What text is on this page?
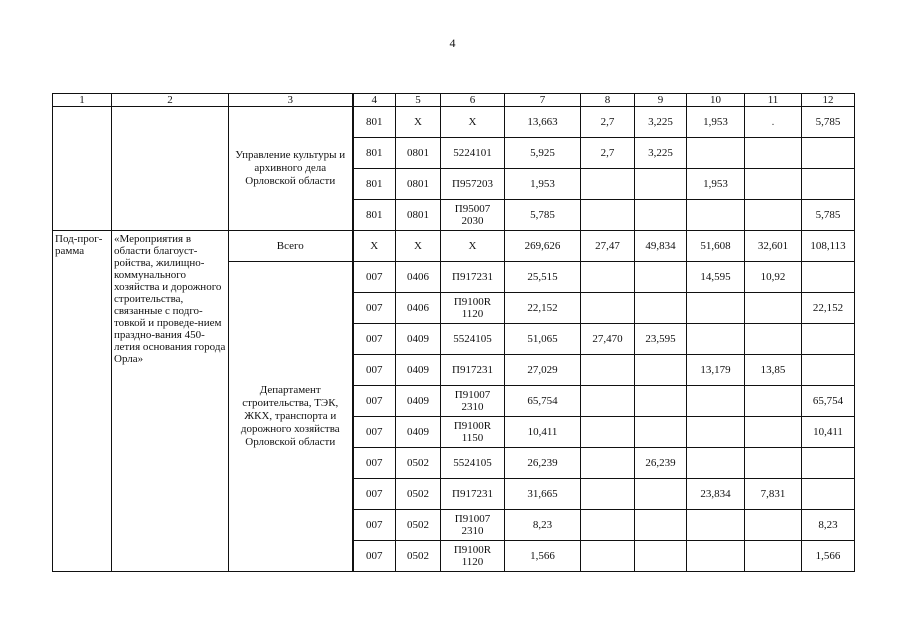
4
1	2	3	4	5	6	7	8	9	10	11	12
		Управление культуры и архивного дела Орловской области	801	X	X	13,663	2,7	3,225	1,953	.	5,785
			801	0801	5224101	5,925	2,7	3,225			
			801	0801	П957203	1,953			1,953		
			801	0801	П95007 2030	5,785					5,785
Под-прог-рамма	«Мероприятия в области благоуст-ройства, жилищно-коммунального хозяйства и дорожного строительства, связанные с подго-товкой и проведе-нием праздно-вания 450-летия основания города Орла»	Всего	X	X	X	269,626	27,47	49,834	51,608	32,601	108,113
		Департамент строительства, ТЭК, ЖКХ, транспорта и дорожного хозяйства Орловской области	007	0406	П917231	25,515			14,595	10,92	
			007	0406	П9100R 1120	22,152					22,152
			007	0409	5524105	51,065	27,470	23,595			
			007	0409	П917231	27,029			13,179	13,85	
			007	0409	П91007 2310	65,754					65,754
			007	0409	П9100R 1150	10,411					10,411
			007	0502	5524105	26,239		26,239			
			007	0502	П917231	31,665			23,834	7,831	
			007	0502	П91007 2310	8,23					8,23
			007	0502	П9100R 1120	1,566					1,566
